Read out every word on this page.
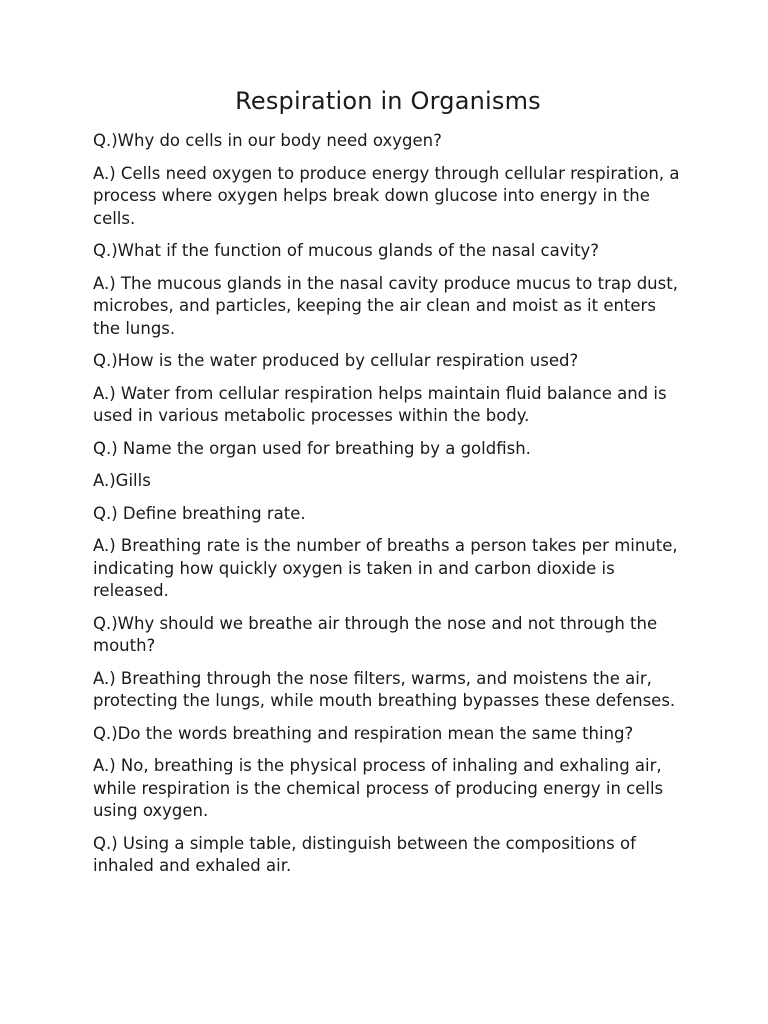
Respiration in Organisms

Q.)Why do cells in our body need oxygen?

A.) Cells need oxygen to produce energy through cellular respiration, a process where oxygen helps break down glucose into energy in the cells.

Q.)What if the function of mucous glands of the nasal cavity?

A.) The mucous glands in the nasal cavity produce mucus to trap dust, microbes, and particles, keeping the air clean and moist as it enters the lungs.

Q.)How is the water produced by cellular respiration used?

A.) Water from cellular respiration helps maintain fluid balance and is used in various metabolic processes within the body.

Q.) Name the organ used for breathing by a goldfish.

A.)Gills

Q.) Define breathing rate.

A.) Breathing rate is the number of breaths a person takes per minute, indicating how quickly oxygen is taken in and carbon dioxide is released.

Q.)Why should we breathe air through the nose and not through the mouth?

A.) Breathing through the nose filters, warms, and moistens the air, protecting the lungs, while mouth breathing bypasses these defenses.

Q.)Do the words breathing and respiration mean the same thing?

A.) No, breathing is the physical process of inhaling and exhaling air, while respiration is the chemical process of producing energy in cells using oxygen.

Q.) Using a simple table, distinguish between the compositions of inhaled and exhaled air.
